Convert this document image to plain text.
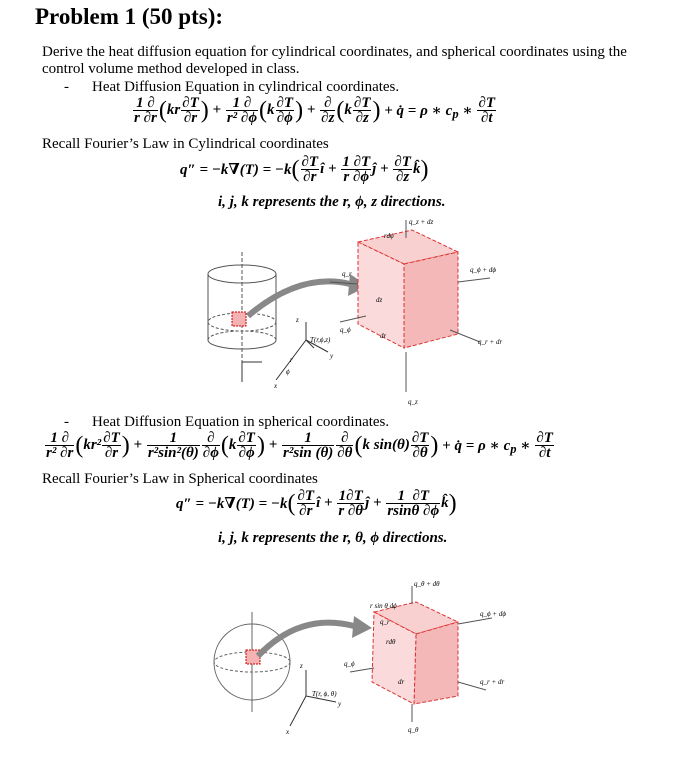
Problem 1 (50 pts):
Derive the heat diffusion equation for cylindrical coordinates, and spherical coordinates using the control volume method developed in class.
- Heat Diffusion Equation in cylindrical coordinates.
$\frac{1 \partial}{r \partial r} (kr \frac{\partial T}{\partial r}$ ) + $\frac{1 \partial}{\text{r² ∂ϕ}} (k \frac{\partial T}{\partial\phi}$ ) + $\frac{\partial}{\partial z} (k \frac{\partial T}{\partial z}$ ) + q̇ = ρ ∗ $c_p$ ∗ $\frac{\partial T}{\partial t}$
Recall Fourier’s Law in Cylindrical coordinates
$q'' = -k\nabla(T) = -k( \frac{\partial T}{\partial r}$ î + $\frac{1 \partial T}{r \partial\phi}$ ĵ + $\frac{\partial T}{\partial z}$ k̂)
i, j, k represents the r, ϕ, z directions.
q_z + dz
rdϕ
q_r
dz
q_ϕ + dϕ
q_ϕ
T(r,ϕ,z)	dr
q_r + dr
q_z
z
y
x
r
ϕ
- Heat Diffusion Equation in spherical coordinates.
$\frac{1 \partial}{\text{r² ∂r}} (kr^2 \frac{\partial T}{\partial r}$ ) + $\frac{1}{\text{r²sin²(θ)}} \frac{\partial}{\partial\phi} (k \frac{\partial T}{\partial\phi}$ ) + $\frac{1}{\text{r²sin (θ)}} \frac{\partial}{\partial\theta} (k$ $\sin(\theta) \frac{\partial T}{\partial\theta}$ ) + q̇ = ρ ∗ $c_p$ ∗ $\frac{\partial T}{\partial t}$
Recall Fourier’s Law in Spherical coordinates
$q'' = -k\nabla(T) = -k( \frac{\partial T}{\partial r}$ î + $\frac{1\partial T}{r \partial\theta}$ ĵ + $\frac{1 \partial T}{rsin\theta \partial\phi}$ k̂)
i, j, k represents the r, θ, ϕ directions.
q_θ + dθ
r sin θ dϕ
q_r
rdθ
q_ϕ + dϕ
q_ϕ
dr	q_r + dr
T(r, ϕ, θ)
q_θ
z
y
x
